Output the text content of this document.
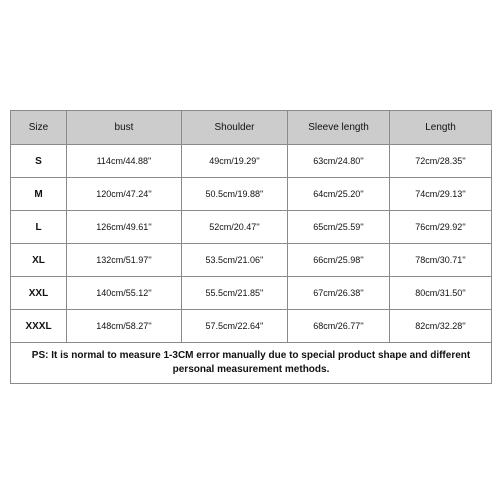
Size	bust	Shoulder	Sleeve length	Length
S	114cm/44.88''	49cm/19.29''	63cm/24.80''	72cm/28.35''
M	120cm/47.24''	50.5cm/19.88''	64cm/25.20''	74cm/29.13''
L	126cm/49.61''	52cm/20.47''	65cm/25.59''	76cm/29.92''
XL	132cm/51.97''	53.5cm/21.06''	66cm/25.98''	78cm/30.71''
XXL	140cm/55.12''	55.5cm/21.85''	67cm/26.38''	80cm/31.50''
XXXL	148cm/58.27''	57.5cm/22.64''	68cm/26.77''	82cm/32.28''
PS: It is normal to measure 1-3CM error manually due to special product shape and different personal measurement methods.				
